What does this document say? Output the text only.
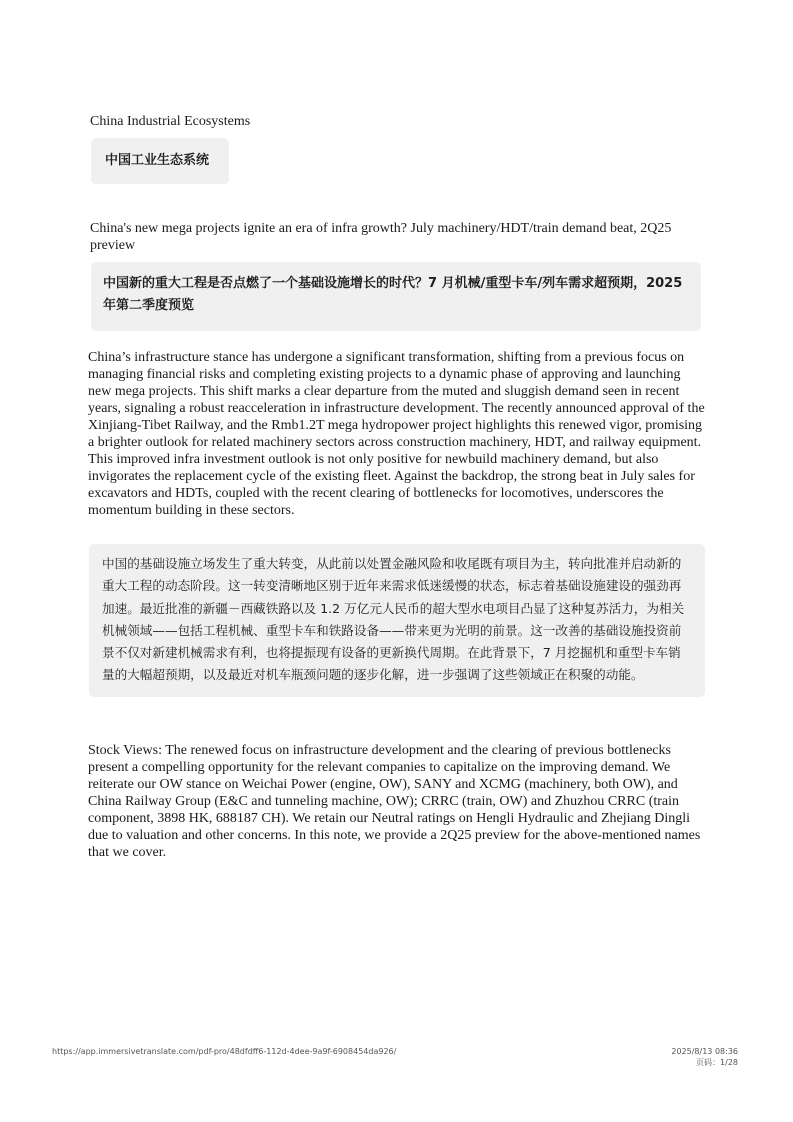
China Industrial Ecosystems
中国工业生态系统
China's new mega projects ignite an era of infra growth? July machinery/HDT/train demand beat, 2Q25 preview
中国新的重大工程是否点燃了一个基础设施增长的时代？7 月机械/重型卡车/列车需求超预期，2025 年第二季度预览
China’s infrastructure stance has undergone a significant transformation, shifting from a previous focus on managing financial risks and completing existing projects to a dynamic phase of approving and launching new mega projects. This shift marks a clear departure from the muted and sluggish demand seen in recent years, signaling a robust reacceleration in infrastructure development. The recently announced approval of the Xinjiang-Tibet Railway, and the Rmb1.2T mega hydropower project highlights this renewed vigor, promising a brighter outlook for related machinery sectors across construction machinery, HDT, and railway equipment. This improved infra investment outlook is not only positive for newbuild machinery demand, but also invigorates the replacement cycle of the existing fleet. Against the backdrop, the strong beat in July sales for excavators and HDTs, coupled with the recent clearing of bottlenecks for locomotives, underscores the momentum building in these sectors.
中国的基础设施立场发生了重大转变，从此前以处置金融风险和收尾既有项目为主，转向批准并启动新的重大工程的动态阶段。这一转变清晰地区别于近年来需求低迷缓慢的状态，标志着基础设施建设的强劲再加速。最近批准的新疆－西藏铁路以及 1.2 万亿元人民币的超大型水电项目凸显了这种复苏活力，为相关机械领域——包括工程机械、重型卡车和铁路设备——带来更为光明的前景。这一改善的基础设施投资前景不仅对新建机械需求有利，也将提振现有设备的更新换代周期。在此背景下，7 月挖掘机和重型卡车销量的大幅超预期，以及最近对机车瓶颈问题的逐步化解，进一步强调了这些领域正在积聚的动能。
Stock Views: The renewed focus on infrastructure development and the clearing of previous bottlenecks present a compelling opportunity for the relevant companies to capitalize on the improving demand. We reiterate our OW stance on Weichai Power (engine, OW), SANY and XCMG (machinery, both OW), and China Railway Group (E&C and tunneling machine, OW); CRRC (train, OW) and Zhuzhou CRRC (train component, 3898 HK, 688187 CH). We retain our Neutral ratings on Hengli Hydraulic and Zhejiang Dingli due to valuation and other concerns. In this note, we provide a 2Q25 preview for the above-mentioned names that we cover.
https://app.immersivetranslate.com/pdf-pro/48dfdff6-112d-4dee-9a9f-6908454da926/	2025/8/13 08:36
页码：1/28
